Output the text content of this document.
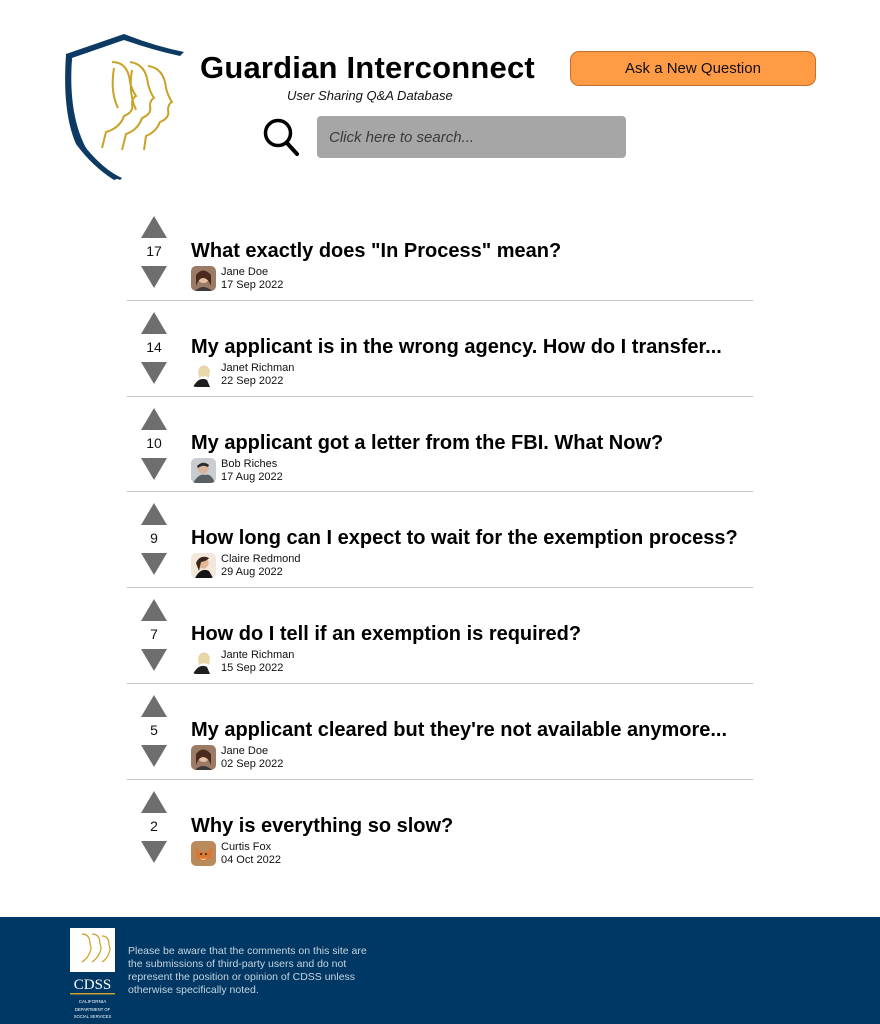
Guardian Interconnect
User Sharing Q&A Database
Ask a New Question
Click here to search...
17	What exactly does "In Process" mean?
Jane Doe
17 Sep 2022
14	My applicant is in the wrong agency. How do I transfer...
Janet Richman
22 Sep 2022
10	My applicant got a letter from the FBI. What Now?
Bob Riches
17 Aug 2022
9	How long can I expect to wait for the exemption process?
Claire Redmond
29 Aug 2022
7	How do I tell if an exemption is required?
Jante Richman
15 Sep 2022
5	My applicant cleared but they're not available anymore...
Jane Doe
02 Sep 2022
2	Why is everything so slow?
Curtis Fox
04 Oct 2022
CDSS
CALIFORNIA
DEPARTMENT OF
SOCIAL SERVICES
Please be aware that the comments on this site are the submissions of third-party users and do not represent the position or opinion of CDSS unless otherwise specifically noted.
